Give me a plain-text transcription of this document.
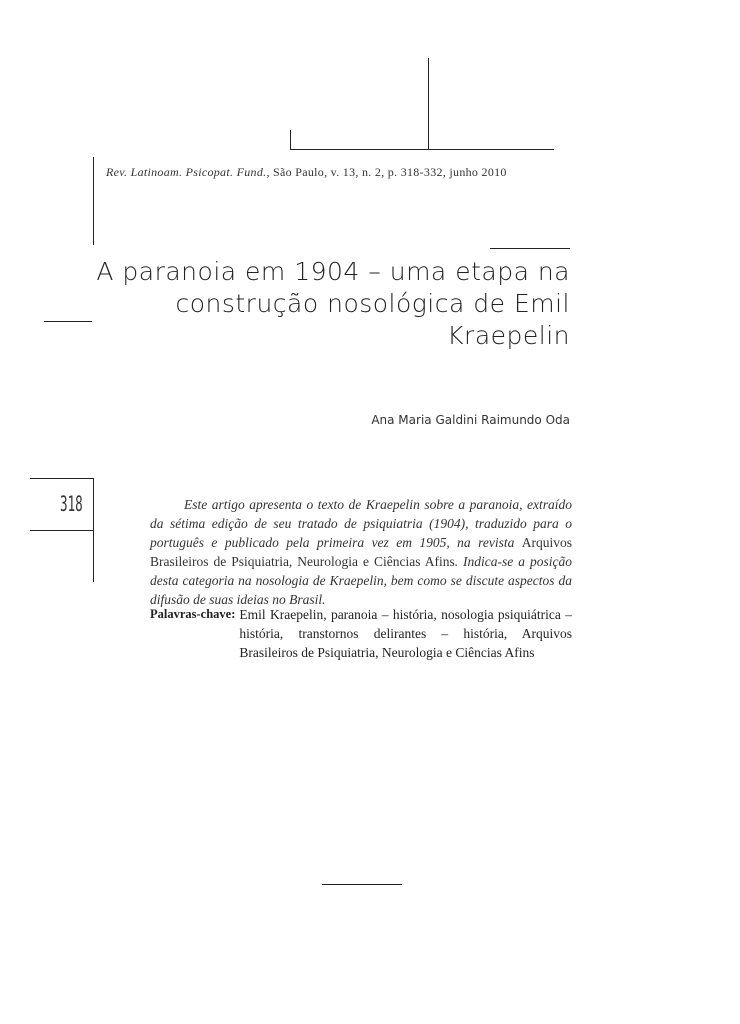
Rev. Latinoam. Psicopat. Fund., São Paulo, v. 13, n. 2, p. 318-332, junho 2010
A paranoia em 1904 – uma etapa na
construção nosológica de Emil Kraepelin
Ana Maria Galdini Raimundo Oda
318	Este artigo apresenta o texto de Kraepelin sobre a paranoia, extraído da sétima edição de seu tratado de psiquiatria (1904), traduzido para o português e publicado pela primeira vez em 1905, na revista Arquivos Brasileiros de Psiquiatria, Neurologia e Ciências Afins. Indica-se a posição desta categoria na nosologia de Kraepelin, bem como se discute aspectos da difusão de suas ideias no Brasil.
Palavras-chave: Emil Kraepelin, paranoia – história, nosologia psiquiátrica – história, transtornos delirantes – história, Arquivos Brasileiros de Psiquiatria, Neurologia e Ciências Afins
